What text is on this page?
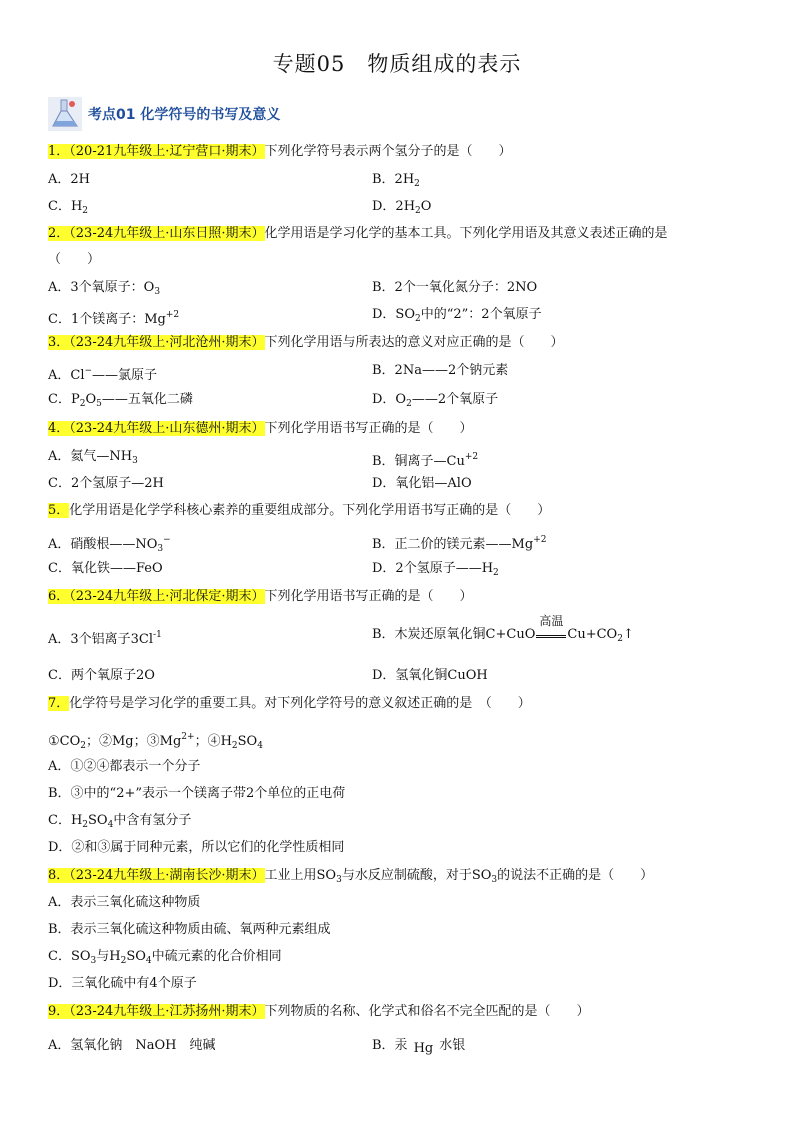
专题05　物质组成的表示
考点01 化学符号的书写及意义
1．（20-21九年级上·辽宁营口·期末）下列化学符号表示两个氢分子的是（　　）
A．2H	B．$2H_2$
C．$H_2$	D．$2H_2O$
2．（23-24九年级上·山东日照·期末）化学用语是学习化学的基本工具。下列化学用语及其意义表述正确的是
（　　）
A．3个氧原子：$O_3$	B．2个一氧化氮分子：2NO
C．1个镁离子：$Mg^{+2}$	D．$SO_2$中的“2”：2个氧原子
3．（23-24九年级上·河北沧州·期末）下列化学用语与所表达的意义对应正确的是（　　）
A．Cl−——氯原子	B．2Na——2个钠元素
C．$P_2O_5——$五氧化二磷	D．$O_2——2$个氧原子
4．（23-24九年级上·山东德州·期末）下列化学用语书写正确的是（　　）
A．氦气$—NH_3$	B．铜离子$—Cu^{+2}$
C．2个氢原子—2H	D．氧化铝—AlO
5．化学用语是化学学科核心素养的重要组成部分。下列化学用语书写正确的是（　　）
A．硝酸根$——NO_3^-$	B．正二价的镁元素$——Mg^{+2}$
C．氧化铁——FeO	D．2个氢原子$——H_2$
6．（23-24九年级上·河北保定·期末）下列化学用语书写正确的是（　　）
A．3个铝离子$3Cl^{-1}$	B．木炭还原氧化铜C+CuO
高温
$Cu+CO_2↑$
C．两个氧原子2O	D．氢氧化铜CuOH
7．化学符号是学习化学的重要工具。对下列化学符号的意义叙述正确的是　（　　）
$①CO_2$；②Mg；$③Mg^{2+}$；$④H_2SO_4$
A．①②④都表示一个分子
B．③中的“2+”表示一个镁离子带2个单位的正电荷
C．$H_2SO_4$中含有氢分子
D．②和③属于同种元素，所以它们的化学性质相同
8．（23-24九年级上·湖南长沙·期末）工业上用$SO_3$与水反应制硫酸，对于$SO_3$的说法不正确的是（　　）
A．表示三氧化硫这种物质
B．表示三氧化硫这种物质由硫、氧两种元素组成
C．$SO_3$与$H_2SO_4$中硫元素的化合价相同
D．三氧化硫中有4个原子
9．（23-24九年级上·江苏扬州·期末）下列物质的名称、化学式和俗名不完全匹配的是（　　）
A．氢氧化钠　NaOH　纯碱	B．汞 Hg 水银
